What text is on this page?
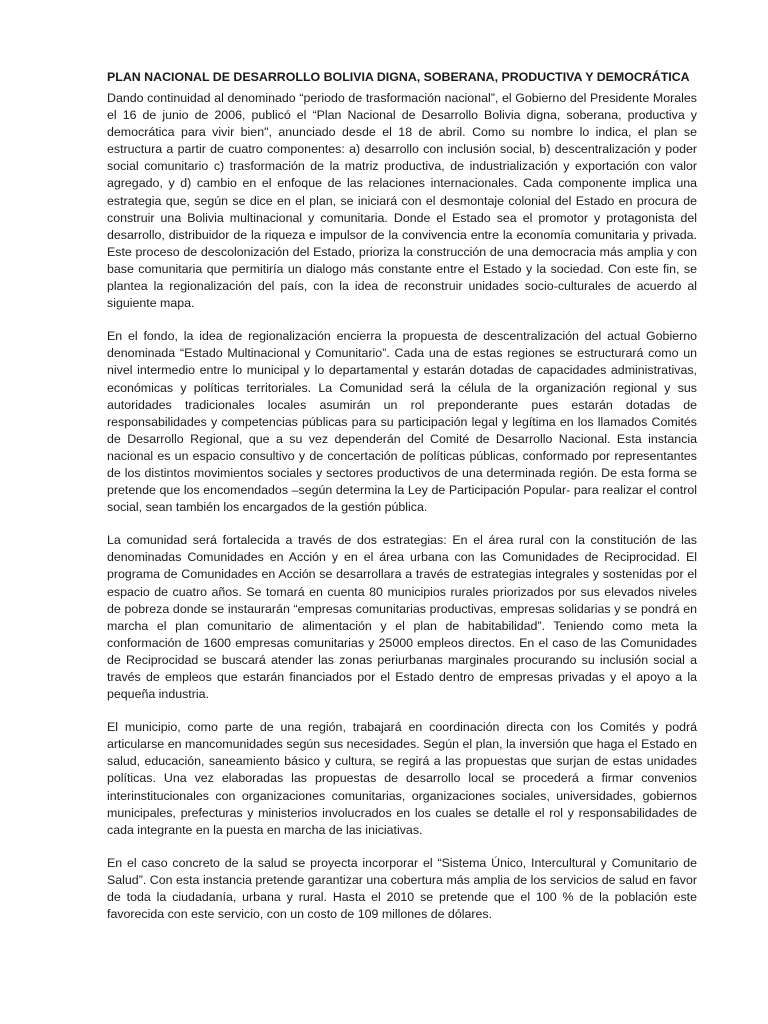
PLAN NACIONAL DE DESARROLLO BOLIVIA DIGNA, SOBERANA, PRODUCTIVA Y DEMOCRÁTICA

Dando continuidad al denominado “periodo de trasformación nacional”, el Gobierno del Presidente Morales el 16 de junio de 2006, publicó el “Plan Nacional de Desarrollo Bolivia digna, soberana, productiva y democrática para vivir bien", anunciado desde el 18 de abril. Como su nombre lo indica, el plan se estructura a partir de cuatro componentes: a) desarrollo con inclusión social, b) descentralización y poder social comunitario c) trasformación de la matriz productiva, de industrialización y exportación con valor agregado, y d) cambio en el enfoque de las relaciones internacionales. Cada componente implica una estrategia que, según se dice en el plan, se iniciará con el desmontaje colonial del Estado en procura de construir una Bolivia multinacional y comunitaria. Donde el Estado sea el promotor y protagonista del desarrollo, distribuidor de la riqueza e impulsor de la convivencia entre la economía comunitaria y privada. Este proceso de descolonización del Estado, prioriza la construcción de una democracia más amplia y con base comunitaria que permitiría un dialogo más constante entre el Estado y la sociedad. Con este fin, se plantea la regionalización del país, con la idea de reconstruir unidades socio-culturales de acuerdo al siguiente mapa.

En el fondo, la idea de regionalización encierra la propuesta de descentralización del actual Gobierno denominada “Estado Multinacional y Comunitario”. Cada una de estas regiones se estructurará como un nivel intermedio entre lo municipal y lo departamental y estarán dotadas de capacidades administrativas, económicas y políticas territoriales. La Comunidad será la célula de la organización regional y sus autoridades tradicionales locales asumirán un rol preponderante pues estarán dotadas de responsabilidades y competencias públicas para su participación legal y legítima en los llamados Comités de Desarrollo Regional, que a su vez dependerán del Comité de Desarrollo Nacional. Esta instancia nacional es un espacio consultivo y de concertación de políticas públicas, conformado por representantes de los distintos movimientos sociales y sectores productivos de una determinada región. De esta forma se pretende que los encomendados –según determina la Ley de Participación Popular- para realizar el control social, sean también los encargados de la gestión pública.

La comunidad será fortalecida a través de dos estrategias: En el área rural con la constitución de las denominadas Comunidades en Acción y en el área urbana con las Comunidades de Reciprocidad. El programa de Comunidades en Acción se desarrollara a través de estrategias integrales y sostenidas por el espacio de cuatro años. Se tomará en cuenta 80 municipios rurales priorizados por sus elevados niveles de pobreza donde se instaurarán “empresas comunitarias productivas, empresas solidarias y se pondrá en marcha el plan comunitario de alimentación y el plan de habitabilidad”. Teniendo como meta la conformación de 1600 empresas comunitarias y 25000 empleos directos. En el caso de las Comunidades de Reciprocidad se buscará atender las zonas periurbanas marginales procurando su inclusión social a través de empleos que estarán financiados por el Estado dentro de empresas privadas y el apoyo a la pequeña industria.

El municipio, como parte de una región, trabajará en coordinación directa con los Comités y podrá articularse en mancomunidades según sus necesidades. Según el plan, la inversión que haga el Estado en salud, educación, saneamiento básico y cultura, se regirá a las propuestas que surjan de estas unidades políticas. Una vez elaboradas las propuestas de desarrollo local se procederá a firmar convenios interinstitucionales con organizaciones comunitarias, organizaciones sociales, universidades, gobiernos municipales, prefecturas y ministerios involucrados en los cuales se detalle el rol y responsabilidades de cada integrante en la puesta en marcha de las iniciativas.

En el caso concreto de la salud se proyecta incorporar el “Sistema Único, Intercultural y Comunitario de Salud”. Con esta instancia pretende garantizar una cobertura más amplia de los servicios de salud en favor de toda la ciudadanía, urbana y rural. Hasta el 2010 se pretende que el 100 % de la población este favorecida con este servicio, con un costo de 109 millones de dólares.
